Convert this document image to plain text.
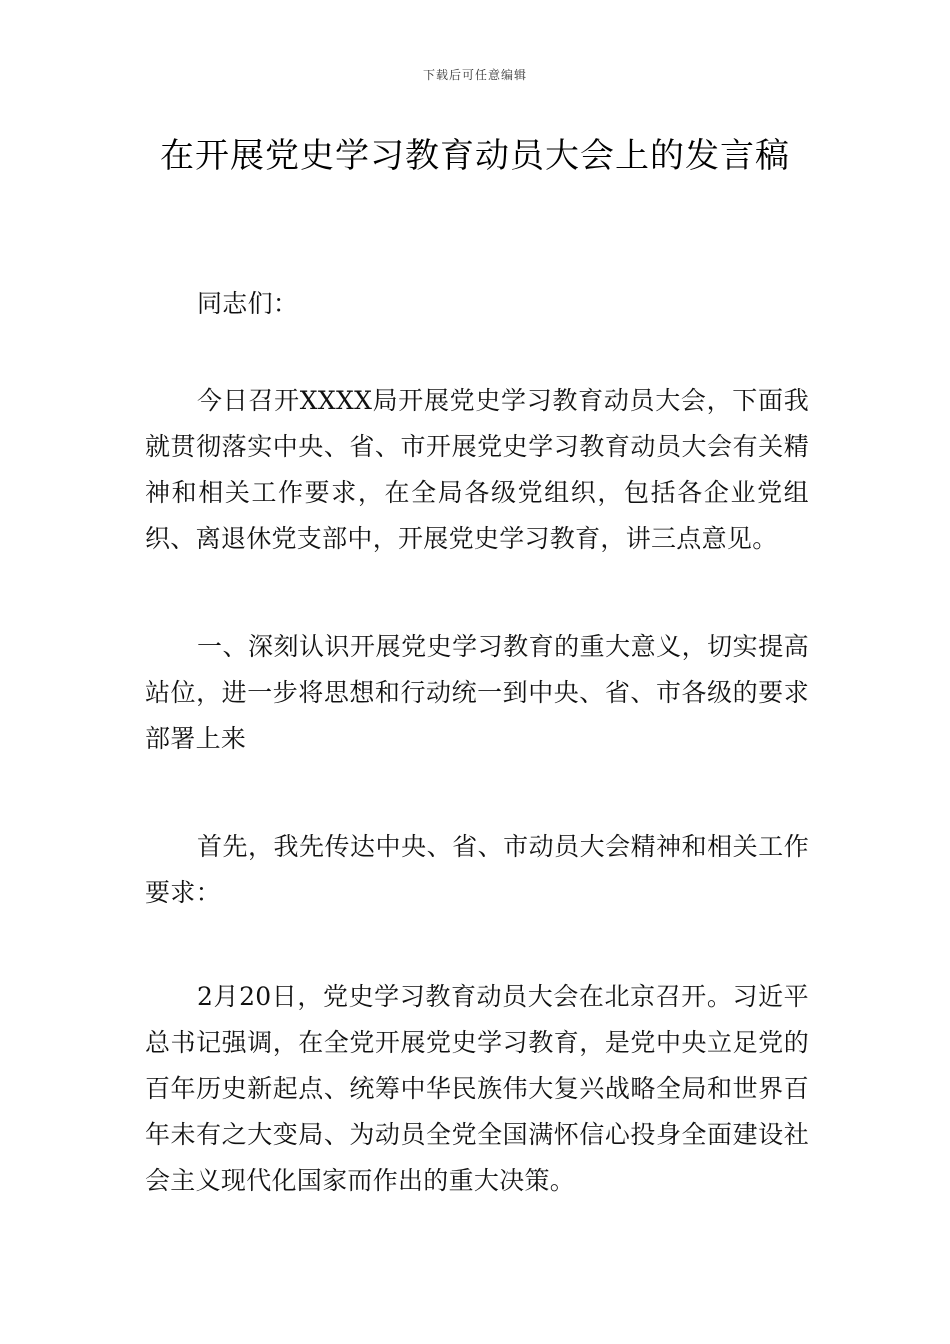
下载后可任意编辑
在开展党史学习教育动员大会上的发言稿

同志们：

今日召开XXXX局开展党史学习教育动员大会，下面我就贯彻落实中央、省、市开展党史学习教育动员大会有关精神和相关工作要求，在全局各级党组织，包括各企业党组织、离退休党支部中，开展党史学习教育，讲三点意见。

一、深刻认识开展党史学习教育的重大意义，切实提高站位，进一步将思想和行动统一到中央、省、市各级的要求部署上来

首先，我先传达中央、省、市动员大会精神和相关工作要求：

2月20日，党史学习教育动员大会在北京召开。习近平总书记强调，在全党开展党史学习教育，是党中央立足党的百年历史新起点、统筹中华民族伟大复兴战略全局和世界百年未有之大变局、为动员全党全国满怀信心投身全面建设社会主义现代化国家而作出的重大决策。
